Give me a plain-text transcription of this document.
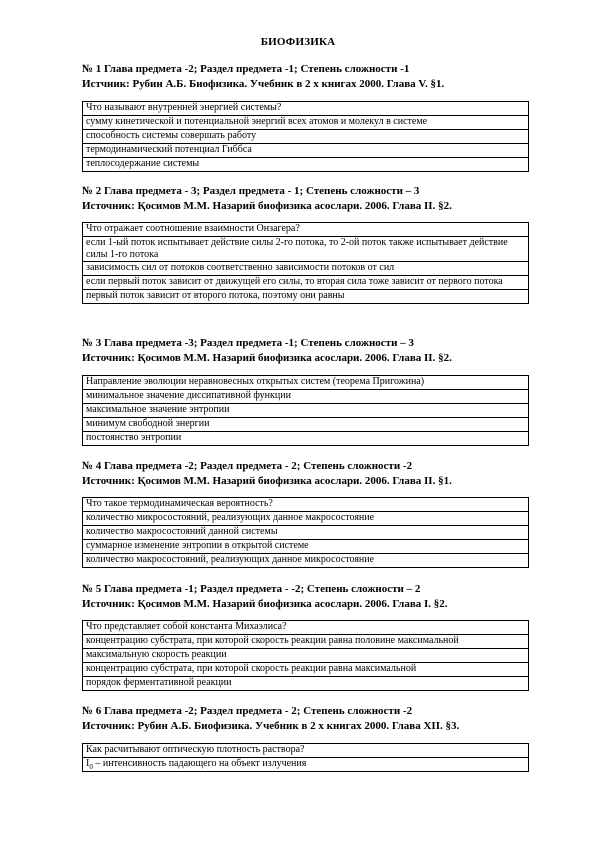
БИОФИЗИКА
№ 1 Глава предмета -2; Раздел предмета -1; Степень сложности -1
Истчник: Рубин А.Б. Биофизика. Учебник в 2 х книгах 2000. Глава V. §1.
Что называют внутренней энергией системы?
сумму кинетической и потенциальной энергий всех атомов и молекул в системе
способность системы совершать работу
термодинамический потенциал Гиббса
теплосодержание системы
№ 2 Глава предмета - 3; Раздел предмета - 1; Степень сложности – 3
Источник: Қосимов М.М. Назарий биофизика асослари. 2006. Глава II. §2.
Что отражает соотношение взаимности Онзагера?
если 1-ый поток испытывает действие силы 2-го потока, то 2-ой поток также испытывает действие силы 1-го потока
зависимость сил от потоков соответственно зависимости потоков от сил
если первый поток зависит от движущей его силы, то вторая сила тоже зависит от первого потока
первый поток зависит от второго потока, поэтому они равны
№ 3 Глава предмета -3; Раздел предмета -1; Степень сложности – 3
Источник: Қосимов М.М. Назарий биофизика асослари. 2006. Глава II. §2.
Направление эволюции неравновесных открытых систем (теорема Пригожина)
минимальное значение диссипативной функции
максимальное значение энтропии
минимум свободной энергии
постоянство энтропии
№ 4 Глава предмета -2; Раздел предмета - 2; Степень сложности -2
Источник: Қосимов М.М. Назарий биофизика асослари. 2006. Глава II. §1.
Что такое термодинамическая вероятность?
количество микросостояний, реализующих данное макросостояние
количество макросостояний данной системы
суммарное изменение энтропии в открытой системе
количество макросостояний, реализующих данное микросостояние
№ 5 Глава предмета -1; Раздел предмета - -2; Степень сложности – 2
Источник: Қосимов М.М. Назарий биофизика асослари. 2006. Глава I. §2.
Что представляет собой константа Михаэлиса?
концентрацию субстрата, при которой скорость реакции равна половине максимальной
максимальную скорость реакции
концентрацию субстрата, при которой скорость реакции равна максимальной
порядок ферментативной реакции
№ 6 Глава предмета -2; Раздел предмета - 2; Степень сложности -2
Источник: Рубин А.Б. Биофизика. Учебник в 2 х книгах 2000. Глава XII. §3.
Как расчитывают оптическую плотность раствора?
$I_0$ – интенсивность падающего на объект излучения
